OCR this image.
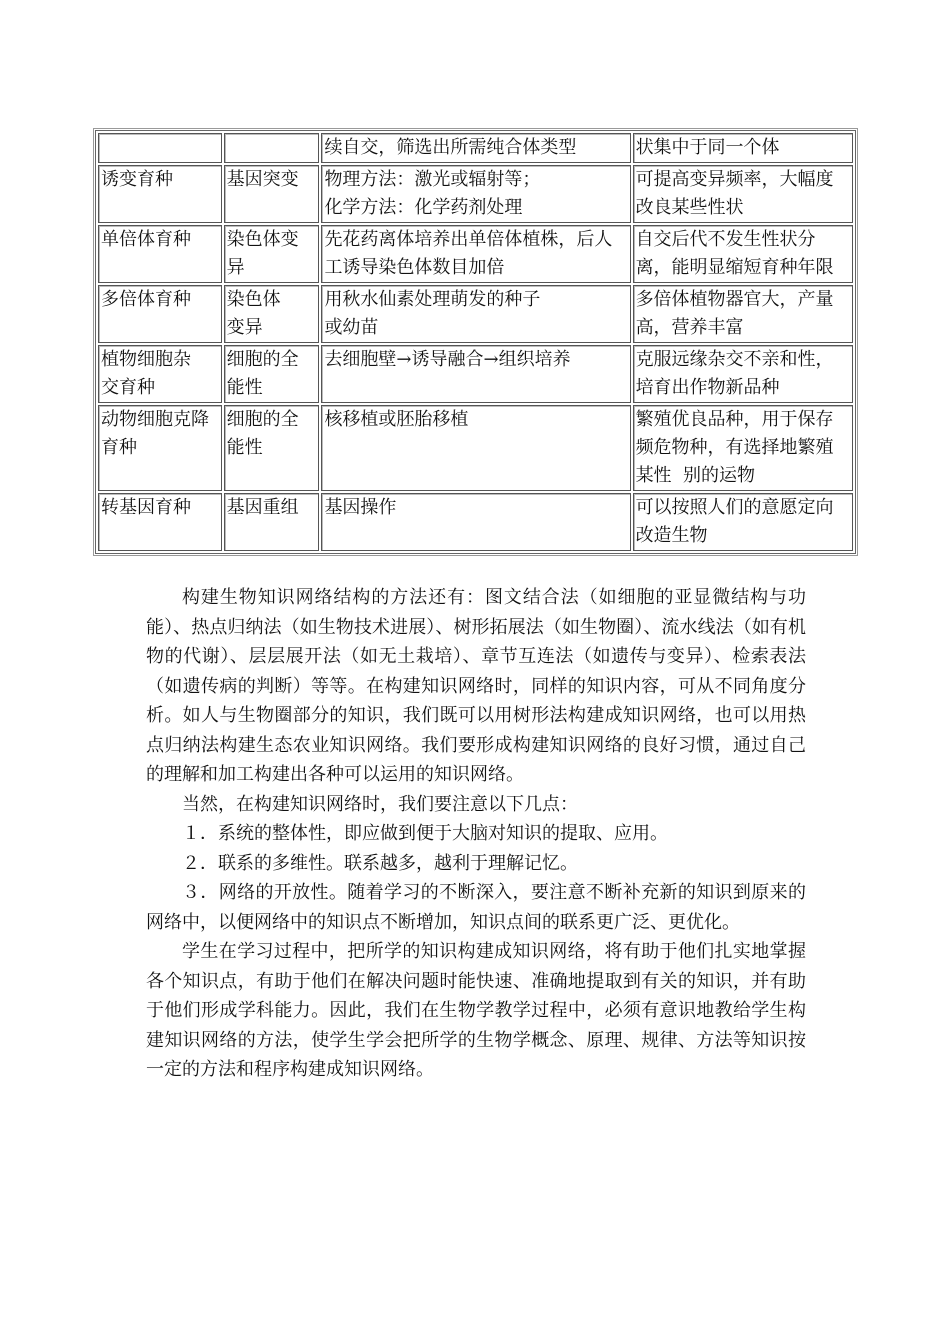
		续自交，筛选出所需纯合体类型	状集中于同一个体

诱变育种	基因突变	物理方法：激光或辐射等；
化学方法：化学药剂处理	可提高变异频率，大幅度
改良某些性状

单倍体育种	染色体变
异	先花药离体培养出单倍体植株，后人
工诱导染色体数目加倍	自交后代不发生性状分
离，能明显缩短育种年限

多倍体育种	染色体
变异	用秋水仙素处理萌发的种子
或幼苗	多倍体植物器官大，产量
高，营养丰富

植物细胞杂
交育种	细胞的全
能性	去细胞壁→诱导融合→组织培养	克服远缘杂交不亲和性，
培育出作物新品种

动物细胞克降
育种	细胞的全
能性	核移植或胚胎移植	繁殖优良品种，用于保存
频危物种，有选择地繁殖
某性  别的运物

转基因育种	基因重组	基因操作	可以按照人们的意愿定向
改造生物

构建生物知识网络结构的方法还有：图文结合法（如细胞的亚显微结构与功能）、热点归纳法（如生物技术进展）、树形拓展法（如生物圈）、流水线法（如有机物的代谢）、层层展开法（如无土栽培）、章节互连法（如遗传与变异）、检索表法（如遗传病的判断）等等。在构建知识网络时，同样的知识内容，可从不同角度分析。如人与生物圈部分的知识，我们既可以用树形法构建成知识网络，也可以用热点归纳法构建生态农业知识网络。我们要形成构建知识网络的良好习惯，通过自己的理解和加工构建出各种可以运用的知识网络。

当然，在构建知识网络时，我们要注意以下几点：

１．系统的整体性，即应做到便于大脑对知识的提取、应用。

２．联系的多维性。联系越多，越利于理解记忆。

３．网络的开放性。随着学习的不断深入，要注意不断补充新的知识到原来的网络中，以便网络中的知识点不断增加，知识点间的联系更广泛、更优化。

学生在学习过程中，把所学的知识构建成知识网络，将有助于他们扎实地掌握各个知识点，有助于他们在解决问题时能快速、准确地提取到有关的知识，并有助于他们形成学科能力。因此，我们在生物学教学过程中，必须有意识地教给学生构建知识网络的方法，使学生学会把所学的生物学概念、原理、规律、方法等知识按一定的方法和程序构建成知识网络。
